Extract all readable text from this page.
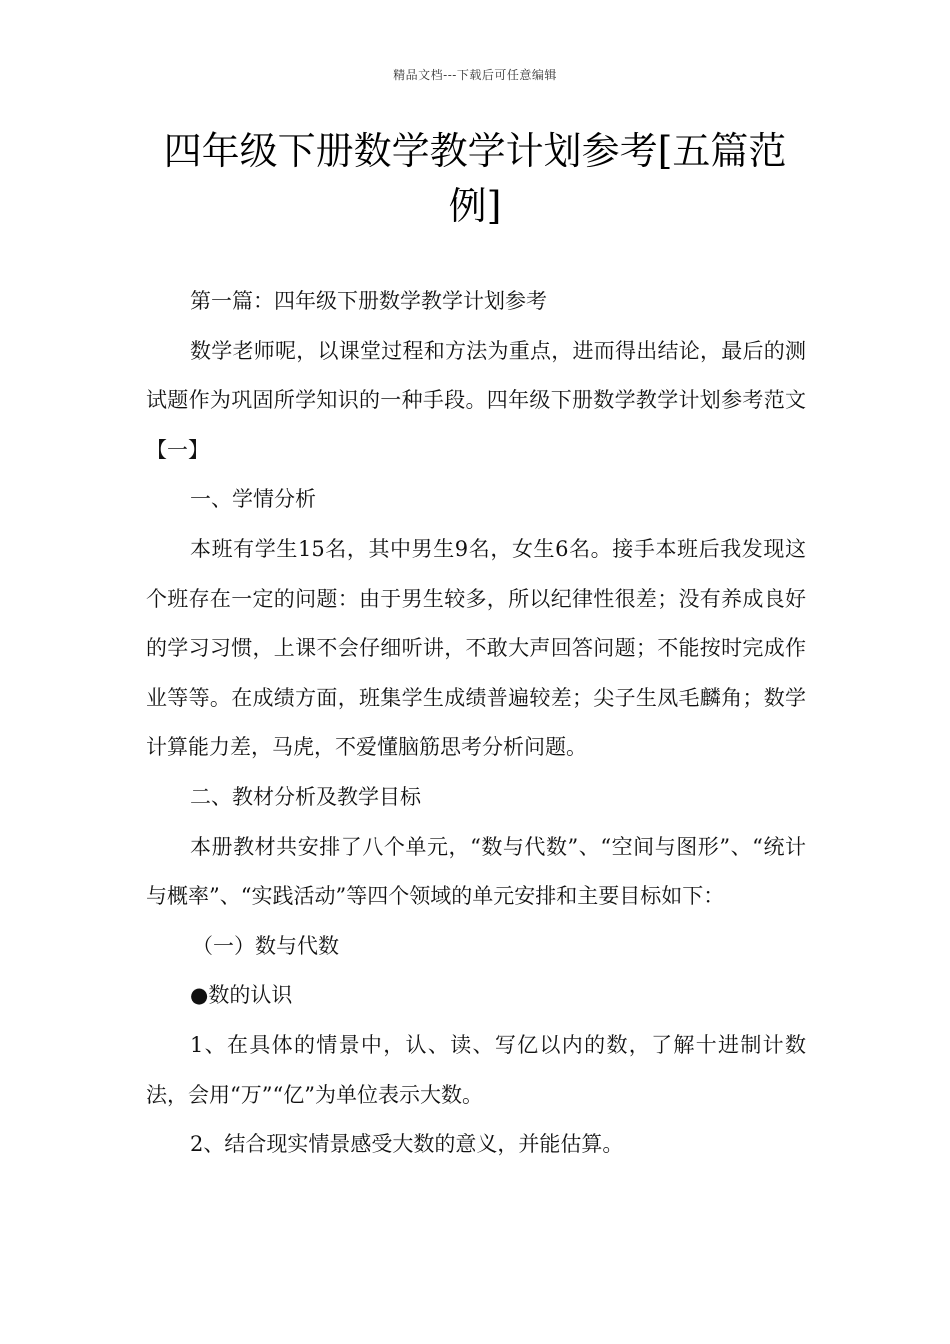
精品文档---下载后可任意编辑
四年级下册数学教学计划参考[五篇范例]

第一篇：四年级下册数学教学计划参考

数学老师呢，以课堂过程和方法为重点，进而得出结论，最后的测试题作为巩固所学知识的一种手段。四年级下册数学教学计划参考范文【一】

一、学情分析

本班有学生15名，其中男生9名，女生6名。接手本班后我发现这个班存在一定的问题：由于男生较多，所以纪律性很差；没有养成良好的学习习惯，上课不会仔细听讲，不敢大声回答问题；不能按时完成作业等等。在成绩方面，班集学生成绩普遍较差；尖子生凤毛麟角；数学计算能力差，马虎，不爱懂脑筋思考分析问题。

二、教材分析及教学目标

本册教材共安排了八个单元，“数与代数”、“空间与图形”、“统计与概率”、“实践活动”等四个领域的单元安排和主要目标如下：

（一）数与代数

●数的认识

1、在具体的情景中，认、读、写亿以内的数，了解十进制计数法，会用“万”“亿”为单位表示大数。

2、结合现实情景感受大数的意义，并能估算。
